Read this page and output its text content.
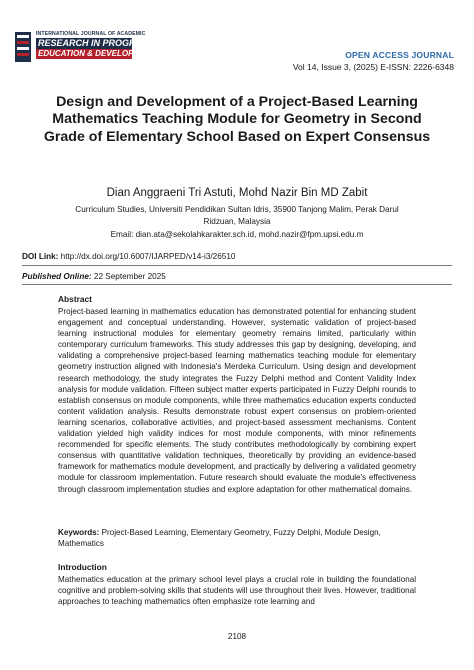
INTERNATIONAL JOURNAL OF ACADEMIC
RESEARCH IN PROGRESSIVE
EDUCATION & DEVELOPMENT	OPEN ACCESS JOURNAL
Vol 14, Issue 3, (2025) E-ISSN: 2226-6348
Design and Development of a Project-Based Learning Mathematics Teaching Module for Geometry in Second Grade of Elementary School Based on Expert Consensus
Dian Anggraeni Tri Astuti, Mohd Nazir Bin MD Zabit
Curriculum Studies, Universiti Pendidikan Sultan Idris, 35900 Tanjong Malim, Perak Darul Ridzuan, Malaysia
Email: dian.ata@sekolahkarakter.sch.id, mohd.nazir@fpm.upsi.edu.m
DOI Link: http://dx.doi.org/10.6007/IJARPED/v14-i3/26510
Published Online: 22 September 2025
Abstract
Project-based learning in mathematics education has demonstrated potential for enhancing student engagement and conceptual understanding. However, systematic validation of project-based learning instructional modules for elementary geometry remains limited, particularly within contemporary curriculum frameworks. This study addresses this gap by designing, developing, and validating a comprehensive project-based learning mathematics teaching module for elementary geometry instruction aligned with Indonesia's Merdeka Curriculum. Using design and development research methodology, the study integrates the Fuzzy Delphi method and Content Validity Index analysis for module validation. Fifteen subject matter experts participated in Fuzzy Delphi rounds to establish consensus on module components, while three mathematics education experts conducted content validation analysis. Results demonstrate robust expert consensus on problem-oriented learning scenarios, collaborative activities, and project-based assessment mechanisms. Content validation yielded high validity indices for most module components, with minor refinements recommended for specific elements. The study contributes methodologically by combining expert consensus with quantitative validation techniques, theoretically by providing an evidence-based framework for mathematics module development, and practically by delivering a validated geometry module for classroom implementation. Future research should evaluate the module's effectiveness through classroom implementation studies and explore adaptation for other mathematical domains.
Keywords: Project-Based Learning, Elementary Geometry, Fuzzy Delphi, Module Design, Mathematics
Introduction
Mathematics education at the primary school level plays a crucial role in building the foundational cognitive and problem-solving skills that students will use throughout their lives. However, traditional approaches to teaching mathematics often emphasize rote learning and
2108
